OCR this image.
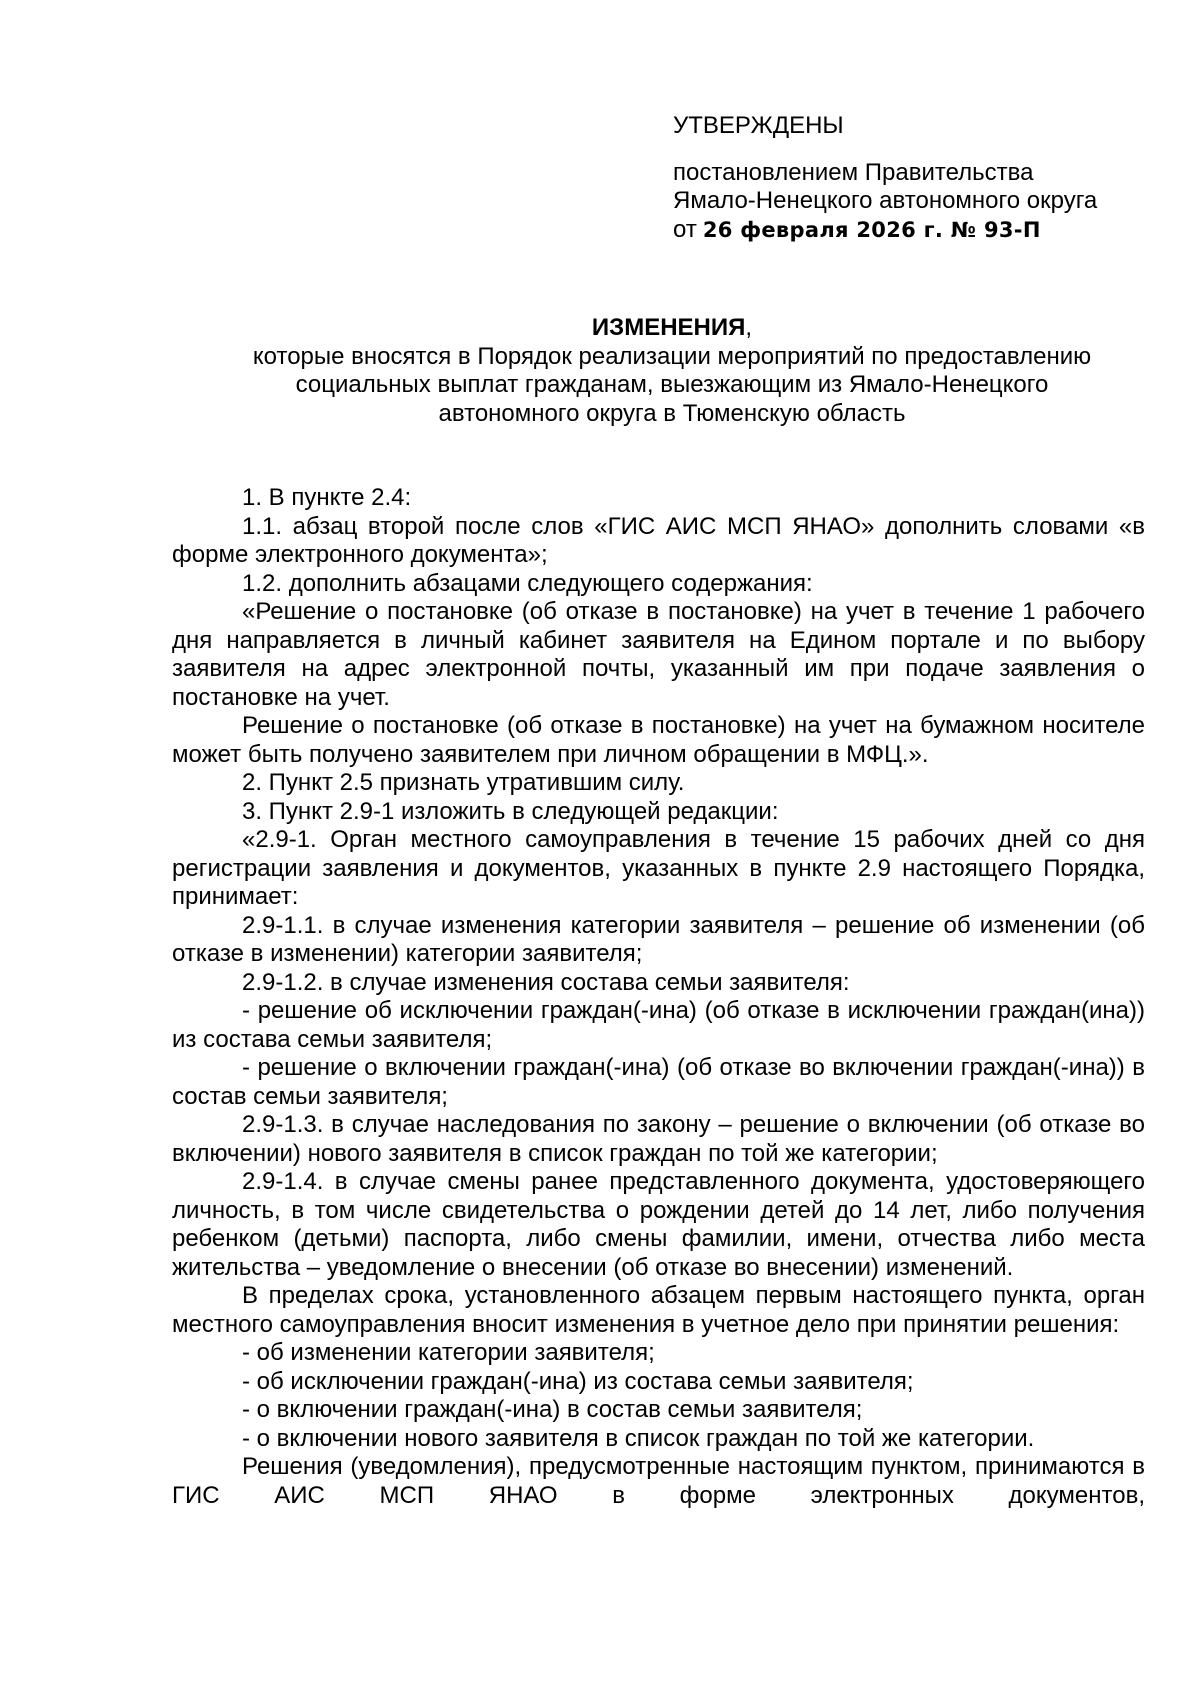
УТВЕРЖДЕНЫ
постановлением Правительства
Ямало-Ненецкого автономного округа
от 26 февраля 2026 г. № 93-П
ИЗМЕНЕНИЯ,
которые вносятся в Порядок реализации мероприятий по предоставлению
социальных выплат гражданам, выезжающим из Ямало-Ненецкого
автономного округа в Тюменскую область

1. В пункте 2.4:

1.1. абзац второй после слов «ГИС АИС МСП ЯНАО» дополнить словами «в форме электронного документа»;

1.2. дополнить абзацами следующего содержания:

«Решение о постановке (об отказе в постановке) на учет в течение 1 рабочего дня направляется в личный кабинет заявителя на Едином портале и по выбору заявителя на адрес электронной почты, указанный им при подаче заявления о постановке на учет.

Решение о постановке (об отказе в постановке) на учет на бумажном носителе может быть получено заявителем при личном обращении в МФЦ.».

2. Пункт 2.5 признать утратившим силу.

3. Пункт 2.9-1 изложить в следующей редакции:

«2.9-1. Орган местного самоуправления в течение 15 рабочих дней со дня регистрации заявления и документов, указанных в пункте 2.9 настоящего Порядка, принимает:

2.9-1.1. в случае изменения категории заявителя – решение об изменении (об отказе в изменении) категории заявителя;

2.9-1.2. в случае изменения состава семьи заявителя:

- решение об исключении граждан(-ина) (об отказе в исключении граждан(ина)) из состава семьи заявителя;

- решение о включении граждан(-ина) (об отказе во включении граждан(-ина)) в состав семьи заявителя;

2.9-1.3. в случае наследования по закону – решение о включении (об отказе во включении) нового заявителя в список граждан по той же категории;

2.9-1.4. в случае смены ранее представленного документа, удостоверяющего личность, в том числе свидетельства о рождении детей до 14 лет, либо получения ребенком (детьми) паспорта, либо смены фамилии, имени, отчества либо места жительства – уведомление о внесении (об отказе во внесении) изменений.

В пределах срока, установленного абзацем первым настоящего пункта, орган местного самоуправления вносит изменения в учетное дело при принятии решения:

- об изменении категории заявителя;

- об исключении граждан(-ина) из состава семьи заявителя;

- о включении граждан(-ина) в состав семьи заявителя;

- о включении нового заявителя в список граждан по той же категории.

Решения (уведомления), предусмотренные настоящим пунктом, принимаются в ГИС АИС МСП ЯНАО в форме электронных документов,
